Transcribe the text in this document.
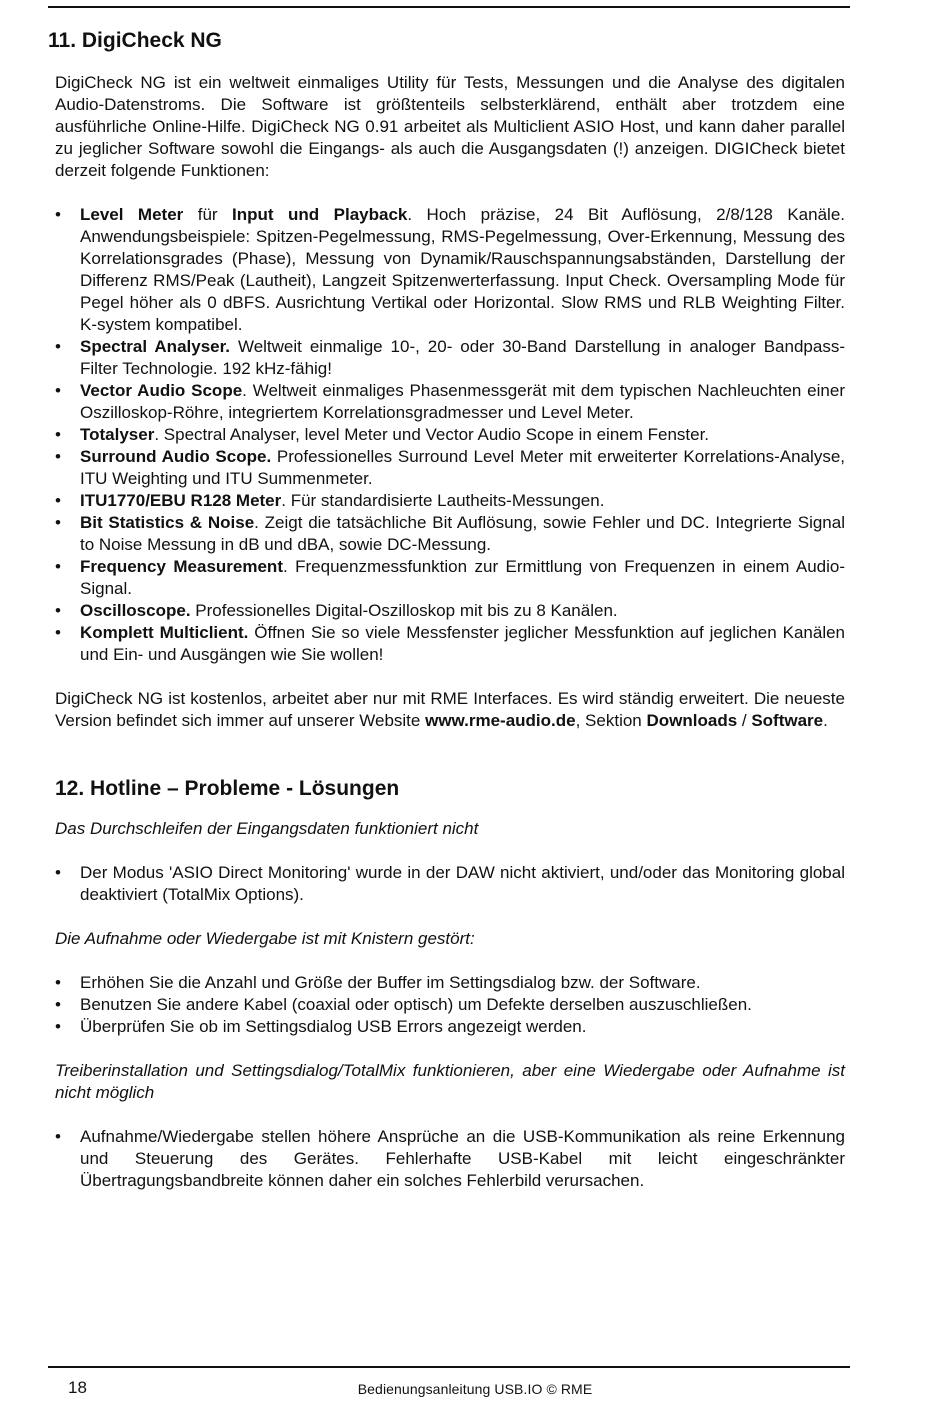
11. DigiCheck NG

DigiCheck NG ist ein weltweit einmaliges Utility für Tests, Messungen und die Analyse des digitalen Audio-Datenstroms. Die Software ist größtenteils selbsterklärend, enthält aber trotzdem eine ausführliche Online-Hilfe. DigiCheck NG 0.91 arbeitet als Multiclient ASIO Host, und kann daher parallel zu jeglicher Software sowohl die Eingangs- als auch die Ausgangsdaten (!) anzeigen. DIGICheck bietet derzeit folgende Funktionen:

• Level Meter für Input und Playback. Hoch präzise, 24 Bit Auflösung, 2/8/128 Kanäle. Anwendungsbeispiele: Spitzen-Pegelmessung, RMS-Pegelmessung, Over-Erkennung, Messung des Korrelationsgrades (Phase), Messung von Dynamik/Rauschspannungsabständen, Darstellung der Differenz RMS/Peak (Lautheit), Langzeit Spitzenwerterfassung. Input Check. Oversampling Mode für Pegel höher als 0 dBFS. Ausrichtung Vertikal oder Horizontal. Slow RMS und RLB Weighting Filter. K-system kompatibel.
• Spectral Analyser. Weltweit einmalige 10-, 20- oder 30-Band Darstellung in analoger Bandpass-Filter Technologie. 192 kHz-fähig!
• Vector Audio Scope. Weltweit einmaliges Phasenmessgerät mit dem typischen Nachleuchten einer Oszilloskop-Röhre, integriertem Korrelationsgradmesser und Level Meter.
• Totalyser. Spectral Analyser, level Meter und Vector Audio Scope in einem Fenster.
• Surround Audio Scope. Professionelles Surround Level Meter mit erweiterter Korrelations-Analyse, ITU Weighting und ITU Summenmeter.
• ITU1770/EBU R128 Meter. Für standardisierte Lautheits-Messungen.
• Bit Statistics & Noise. Zeigt die tatsächliche Bit Auflösung, sowie Fehler und DC. Integrierte Signal to Noise Messung in dB und dBA, sowie DC-Messung.
• Frequency Measurement. Frequenzmessfunktion zur Ermittlung von Frequenzen in einem Audio-Signal.
• Oscilloscope. Professionelles Digital-Oszilloskop mit bis zu 8 Kanälen.
• Komplett Multiclient. Öffnen Sie so viele Messfenster jeglicher Messfunktion auf jeglichen Kanälen und Ein- und Ausgängen wie Sie wollen!

DigiCheck NG ist kostenlos, arbeitet aber nur mit RME Interfaces. Es wird ständig erweitert. Die neueste Version befindet sich immer auf unserer Website www.rme-audio.de, Sektion Downloads / Software.

12. Hotline – Probleme - Lösungen

Das Durchschleifen der Eingangsdaten funktioniert nicht

• Der Modus 'ASIO Direct Monitoring' wurde in der DAW nicht aktiviert, und/oder das Monitoring global deaktiviert (TotalMix Options).

Die Aufnahme oder Wiedergabe ist mit Knistern gestört:

• Erhöhen Sie die Anzahl und Größe der Buffer im Settingsdialog bzw. der Software.
• Benutzen Sie andere Kabel (coaxial oder optisch) um Defekte derselben auszuschließen.
• Überprüfen Sie ob im Settingsdialog USB Errors angezeigt werden.

Treiberinstallation und Settingsdialog/TotalMix funktionieren, aber eine Wiedergabe oder Aufnahme ist nicht möglich

• Aufnahme/Wiedergabe stellen höhere Ansprüche an die USB-Kommunikation als reine Erkennung und Steuerung des Gerätes. Fehlerhafte USB-Kabel mit leicht eingeschränkter Übertragungsbandbreite können daher ein solches Fehlerbild verursachen.
18	Bedienungsanleitung USB.IO © RME
